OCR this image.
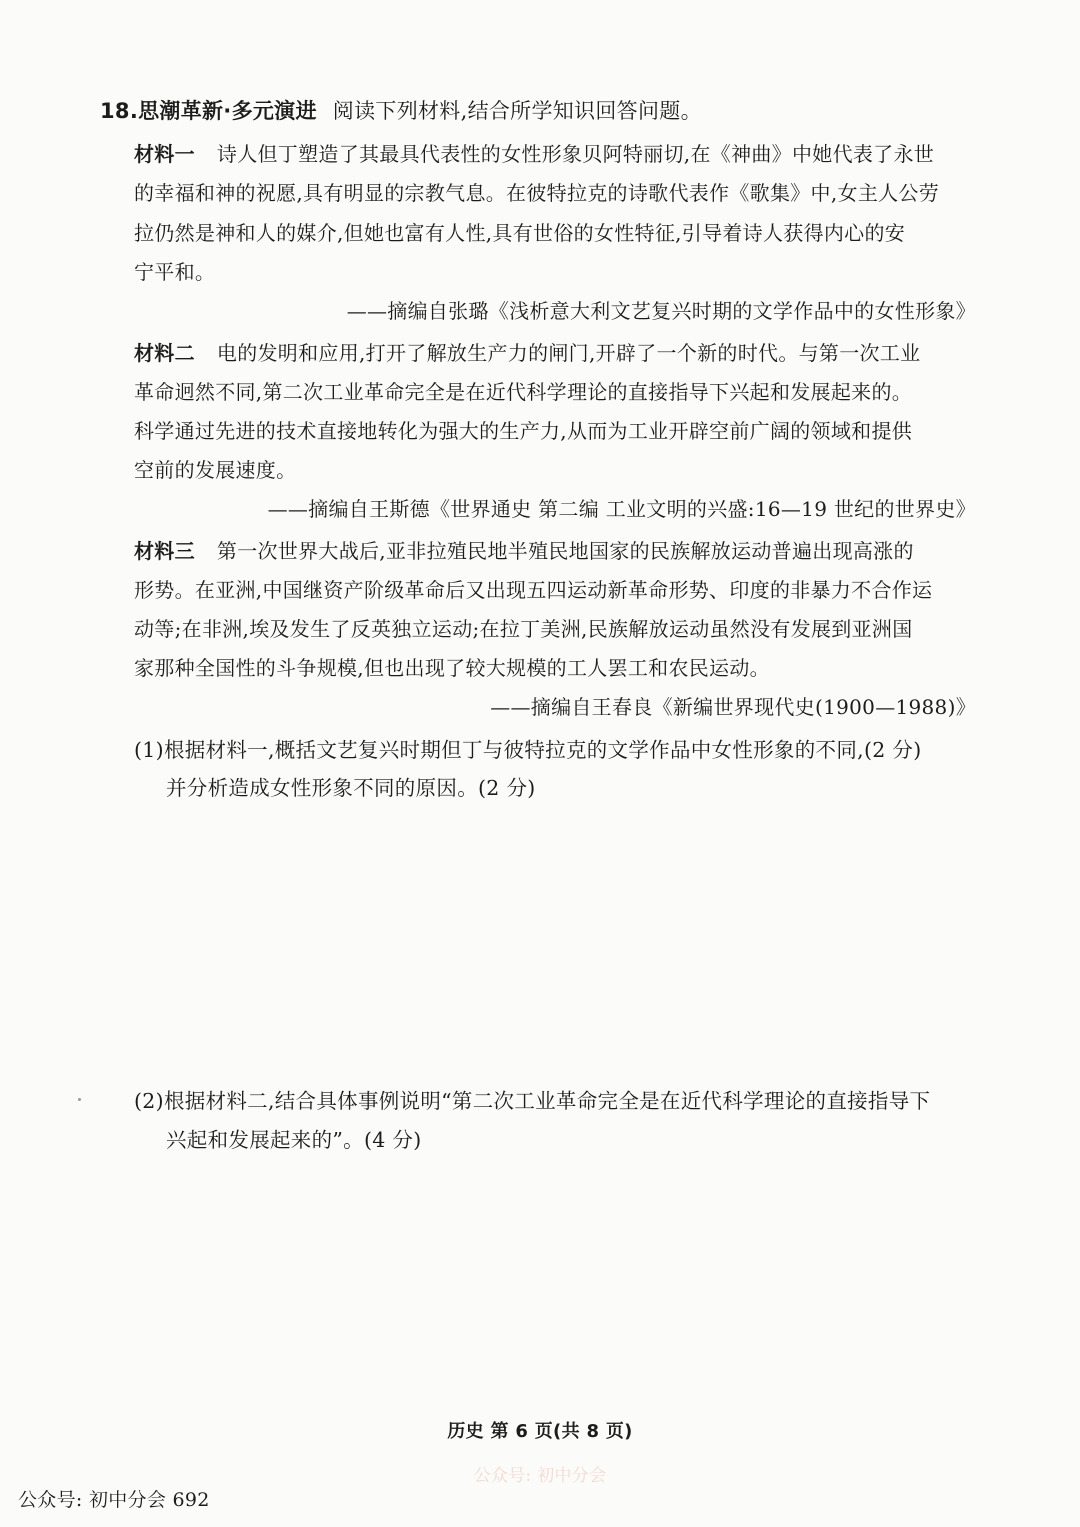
18.思潮革新·多元演进 阅读下列材料,结合所学知识回答问题。
材料一 诗人但丁塑造了其最具代表性的女性形象贝阿特丽切,在《神曲》中她代表了永世
的幸福和神的祝愿,具有明显的宗教气息。在彼特拉克的诗歌代表作《歌集》中,女主人公劳
拉仍然是神和人的媒介,但她也富有人性,具有世俗的女性特征,引导着诗人获得内心的安
宁平和。
——摘编自张璐《浅析意大利文艺复兴时期的文学作品中的女性形象》
材料二 电的发明和应用,打开了解放生产力的闸门,开辟了一个新的时代。与第一次工业
革命迥然不同,第二次工业革命完全是在近代科学理论的直接指导下兴起和发展起来的。
科学通过先进的技术直接地转化为强大的生产力,从而为工业开辟空前广阔的领域和提供
空前的发展速度。
——摘编自王斯德《世界通史 第二编 工业文明的兴盛:16—19 世纪的世界史》
材料三 第一次世界大战后,亚非拉殖民地半殖民地国家的民族解放运动普遍出现高涨的
形势。在亚洲,中国继资产阶级革命后又出现五四运动新革命形势、印度的非暴力不合作运
动等;在非洲,埃及发生了反英独立运动;在拉丁美洲,民族解放运动虽然没有发展到亚洲国
家那种全国性的斗争规模,但也出现了较大规模的工人罢工和农民运动。
——摘编自王春良《新编世界现代史(1900—1988)》
(1)根据材料一,概括文艺复兴时期但丁与彼特拉克的文学作品中女性形象的不同,(2 分)
并分析造成女性形象不同的原因。(2 分)
(2)根据材料二,结合具体事例说明“第二次工业革命完全是在近代科学理论的直接指导下
兴起和发展起来的”。(4 分)
历史 第 6 页(共 8 页)
公众号: 初中分会
公众号: 初中分会 692
